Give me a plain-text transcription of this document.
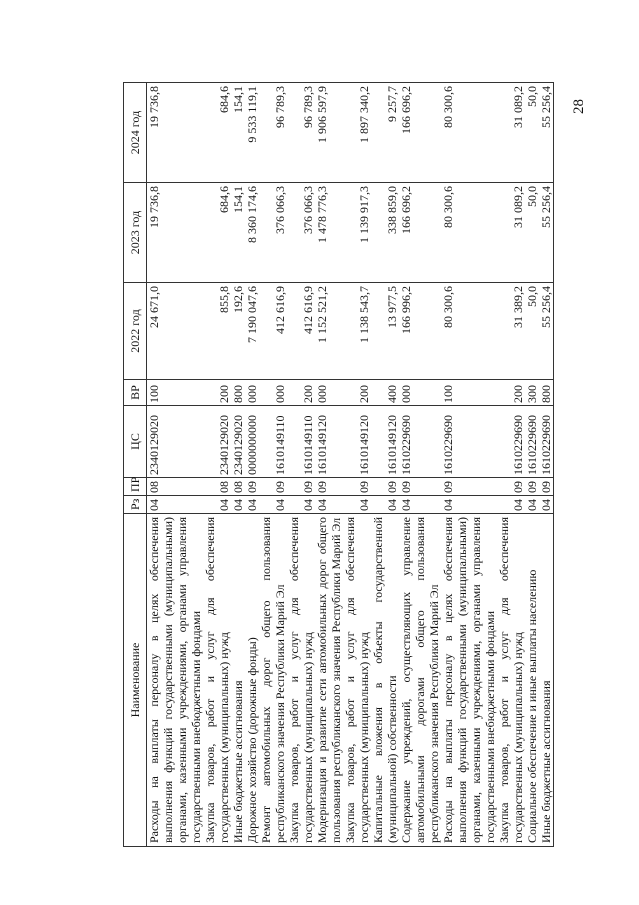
28
Наименование	Рз	ПР	ЦС	ВР	2022 год	2023 год	2024 год
Расходы на выплаты персоналу в целях обеспечения выполнения функций государственными (муниципальными) органами, казенными учреждениями, органами управления государственными внебюджетными фондами	04	08	2340129020	100	24 671,0	19 736,8	19 736,8
Закупка товаров, работ и услуг для обеспечения государственных (муниципальных) нужд	04	08	2340129020	200	855,8	684,6	684,6
Иные бюджетные ассигнования	04	08	2340129020	800	192,6	154,1	154,1
Дорожное хозяйство (дорожные фонды)	04	09	0000000000	000	7 190 047,6	8 360 174,6	9 533 119,1
Ремонт автомобильных дорог общего пользования республиканского значения Республики Марий Эл	04	09	1610149110	000	412 616,9	376 066,3	96 789,3
Закупка товаров, работ и услуг для обеспечения государственных (муниципальных) нужд	04	09	1610149110	200	412 616,9	376 066,3	96 789,3
Модернизация и развитие сети автомобильных дорог общего пользования республиканского значения Республики Марий Эл	04	09	1610149120	000	1 152 521,2	1 478 776,3	1 906 597,9
Закупка товаров, работ и услуг для обеспечения государственных (муниципальных) нужд	04	09	1610149120	200	1 138 543,7	1 139 917,3	1 897 340,2
Капитальные вложения в объекты государственной (муниципальной) собственности	04	09	1610149120	400	13 977,5	338 859,0	9 257,7
Содержание учреждений, осуществляющих управление автомобильными дорогами общего пользования республиканского значения Республики Марий Эл	04	09	1610229690	000	166 996,2	166 696,2	166 696,2
Расходы на выплаты персоналу в целях обеспечения выполнения функций государственными (муниципальными) органами, казенными учреждениями, органами управления государственными внебюджетными фондами	04	09	1610229690	100	80 300,6	80 300,6	80 300,6
Закупка товаров, работ и услуг для обеспечения государственных (муниципальных) нужд	04	09	1610229690	200	31 389,2	31 089,2	31 089,2
Социальное обеспечение и иные выплаты населению	04	09	1610229690	300	50,0	50,0	50,0
Иные бюджетные ассигнования	04	09	1610229690	800	55 256,4	55 256,4	55 256,4
